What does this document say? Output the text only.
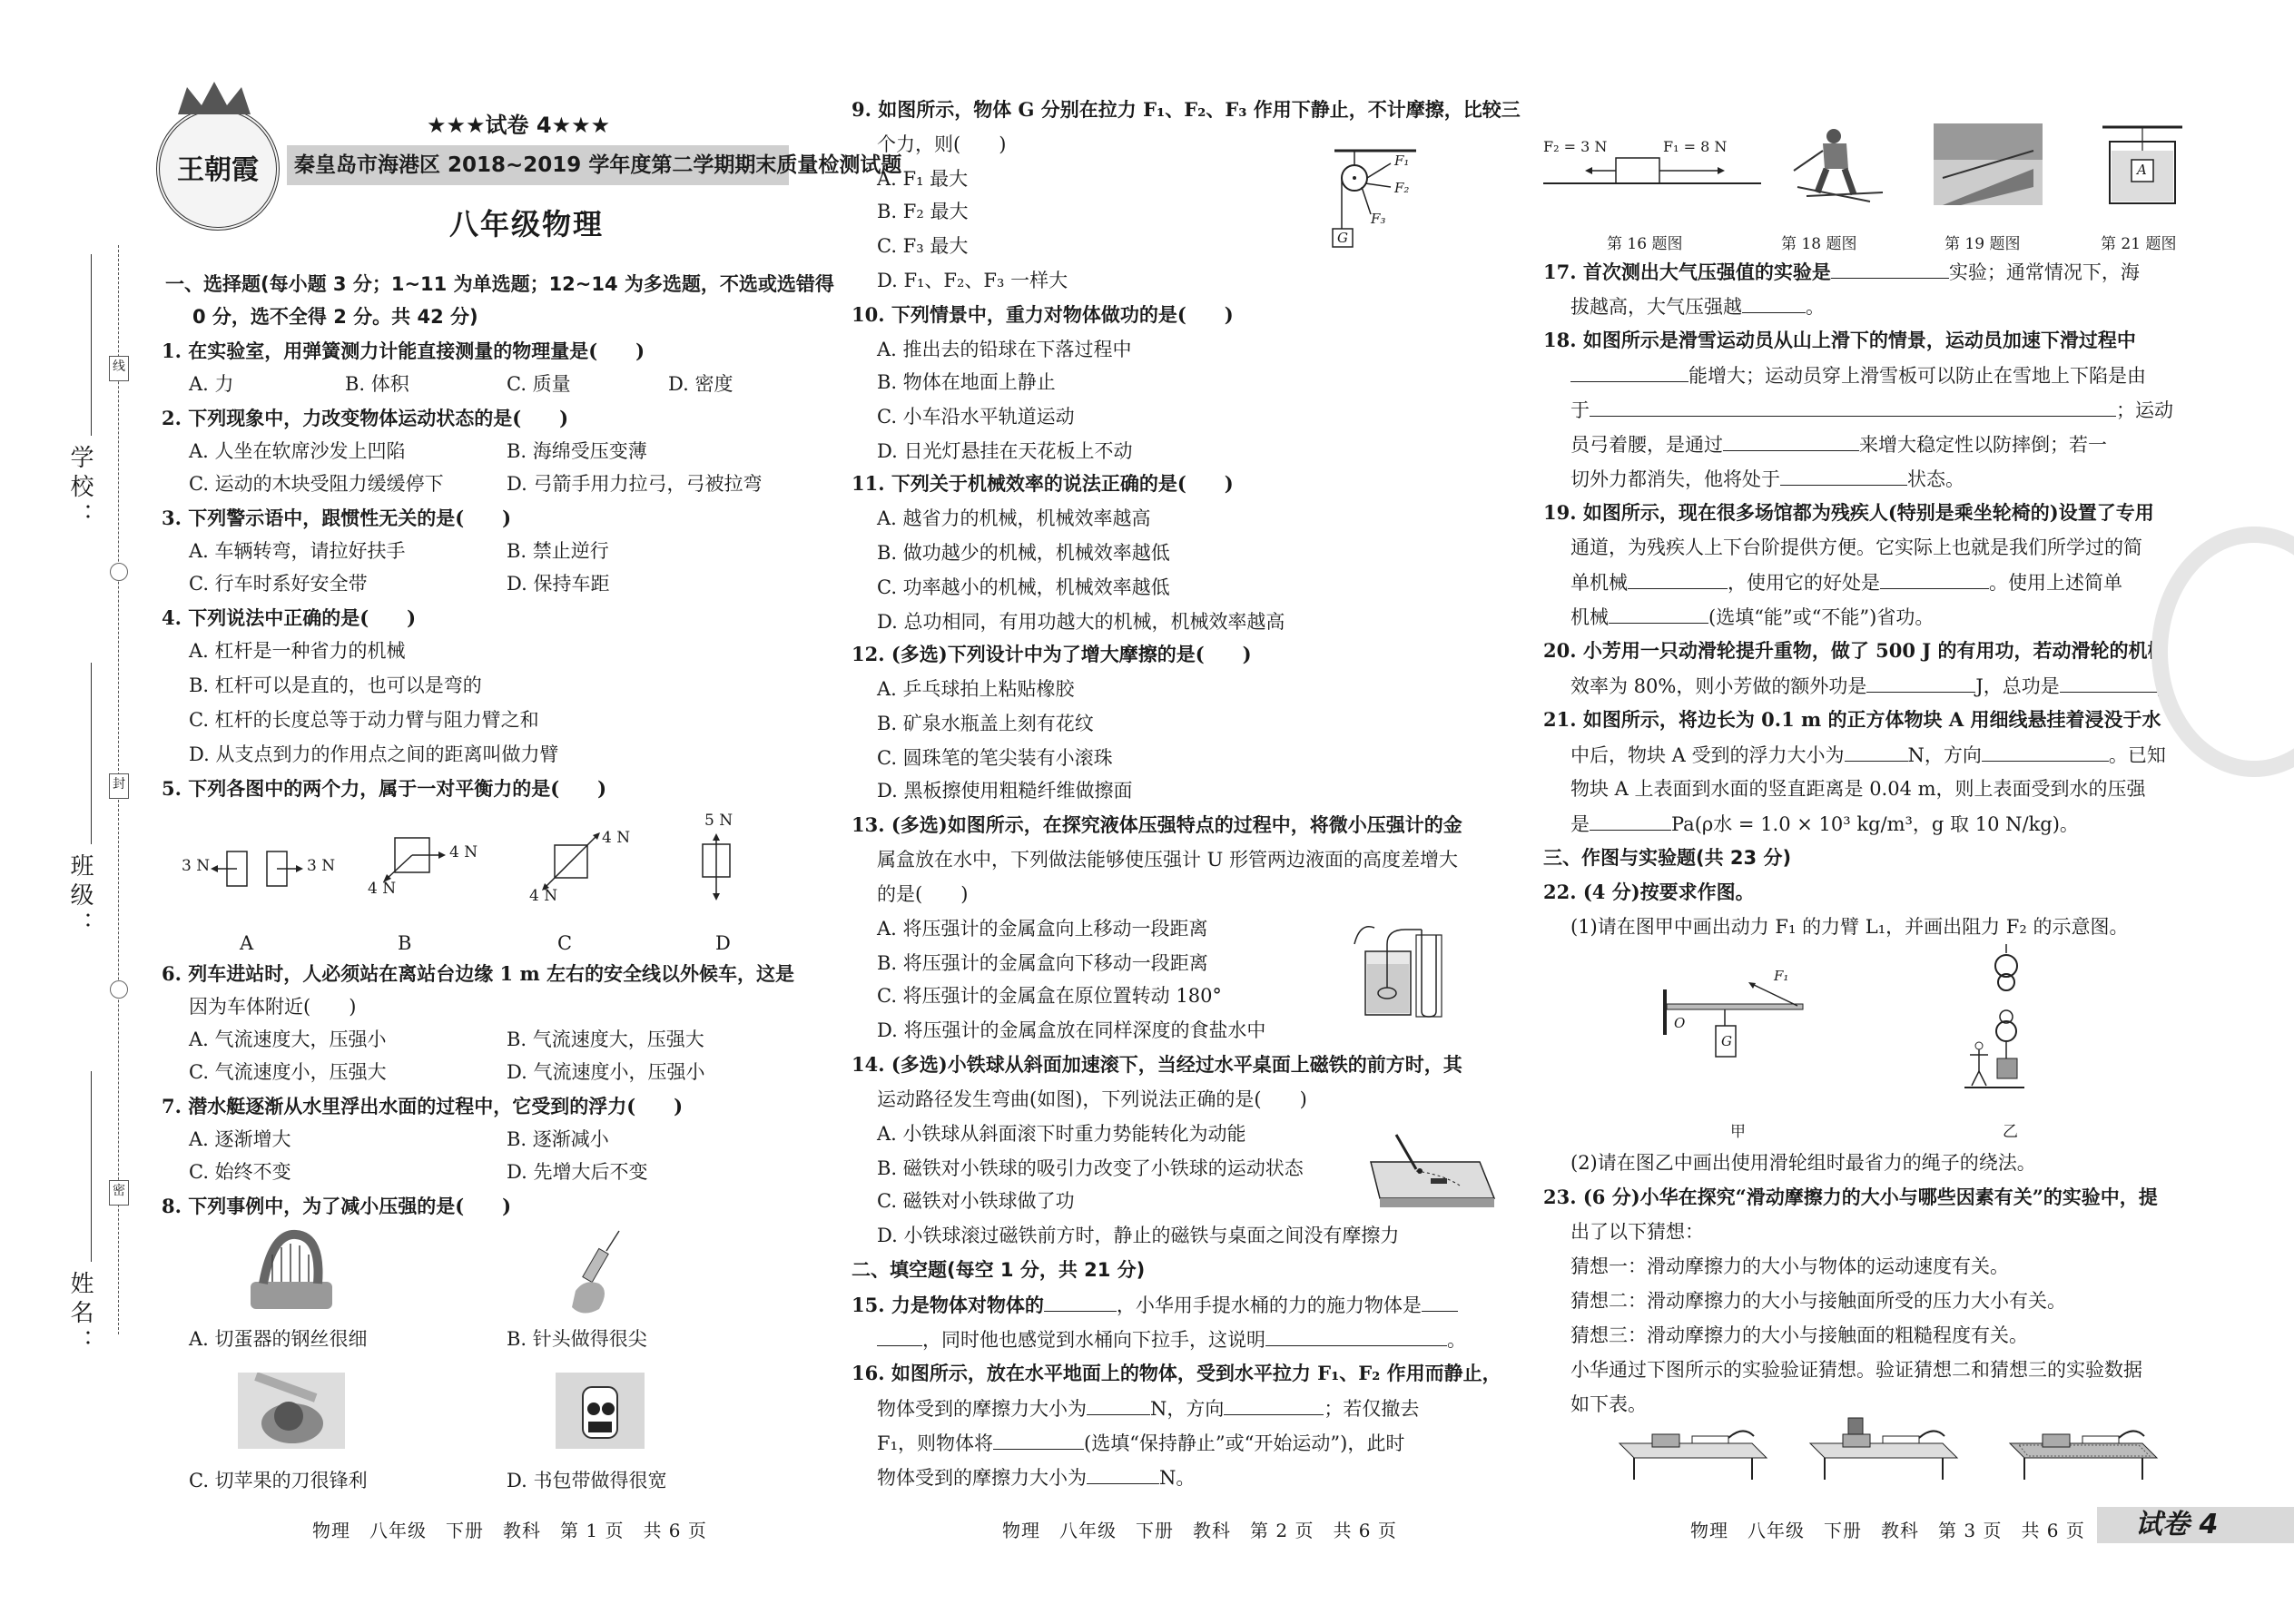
学校：
班级：
姓名：
线
封
密
王朝霞
★★★试卷 4★★★
秦皇岛市海港区 2018~2019 学年度第二学期期末质量检测试题
八年级物理
一、选择题(每小题 3 分；1~11 为单选题；12~14 为多选题，不选或选错得
0 分，选不全得 2 分。共 42 分)
1. 在实验室，用弹簧测力计能直接测量的物理量是(　　)
A. 力	B. 体积	C. 质量	D. 密度
2. 下列现象中，力改变物体运动状态的是(　　)
A. 人坐在软席沙发上凹陷	B. 海绵受压变薄
C. 运动的木块受阻力缓缓停下	D. 弓箭手用力拉弓，弓被拉弯
3. 下列警示语中，跟惯性无关的是(　　)
A. 车辆转弯，请拉好扶手	B. 禁止逆行
C. 行车时系好安全带	D. 保持车距
4. 下列说法中正确的是(　　)
A. 杠杆是一种省力的机械
B. 杠杆可以是直的，也可以是弯的
C. 杠杆的长度总等于动力臂与阻力臂之和
D. 从支点到力的作用点之间的距离叫做力臂
5. 下列各图中的两个力，属于一对平衡力的是(　　)
3 N	3 N
4 N
4 N
4 N
4 N
5 N
A	B	C	D
6. 列车进站时，人必须站在离站台边缘 1 m 左右的安全线以外候车，这是
因为车体附近(　　)
A. 气流速度大，压强小	B. 气流速度大，压强大
C. 气流速度小，压强大	D. 气流速度小，压强小
7. 潜水艇逐渐从水里浮出水面的过程中，它受到的浮力(　　)
A. 逐渐增大	B. 逐渐减小
C. 始终不变	D. 先增大后不变
8. 下列事例中，为了减小压强的是(　　)
A. 切蛋器的钢丝很细	B. 针头做得很尖
C. 切苹果的刀很锋利	D. 书包带做得很宽
物理　八年级　下册　教科　第 1 页　共 6 页
9. 如图所示，物体 G 分别在拉力 F₁、F₂、F₃ 作用下静止，不计摩擦，比较三
个力，则(　　)
A. F₁ 最大
B. F₂ 最大
C. F₃ 最大
D. F₁、F₂、F₃ 一样大
F₁
F₂
F₃
G
10. 下列情景中，重力对物体做功的是(　　)
A. 推出去的铅球在下落过程中
B. 物体在地面上静止
C. 小车沿水平轨道运动
D. 日光灯悬挂在天花板上不动
11. 下列关于机械效率的说法正确的是(　　)
A. 越省力的机械，机械效率越高
B. 做功越少的机械，机械效率越低
C. 功率越小的机械，机械效率越低
D. 总功相同，有用功越大的机械，机械效率越高
12. (多选)下列设计中为了增大摩擦的是(　　)
A. 乒乓球拍上粘贴橡胶
B. 矿泉水瓶盖上刻有花纹
C. 圆珠笔的笔尖装有小滚珠
D. 黑板擦使用粗糙纤维做擦面
13. (多选)如图所示，在探究液体压强特点的过程中，将微小压强计的金
属盒放在水中，下列做法能够使压强计 U 形管两边液面的高度差增大
的是(　　)
A. 将压强计的金属盒向上移动一段距离
B. 将压强计的金属盒向下移动一段距离
C. 将压强计的金属盒在原位置转动 180°
D. 将压强计的金属盒放在同样深度的食盐水中
14. (多选)小铁球从斜面加速滚下，当经过水平桌面上磁铁的前方时，其
运动路径发生弯曲(如图)，下列说法正确的是(　　)
A. 小铁球从斜面滚下时重力势能转化为动能
B. 磁铁对小铁球的吸引力改变了小铁球的运动状态
C. 磁铁对小铁球做了功
D. 小铁球滚过磁铁前方时，静止的磁铁与桌面之间没有摩擦力
二、填空题(每空 1 分，共 21 分)
15. 力是物体对物体的	，小华用手提水桶的力的施力物体是
，同时他也感觉到水桶向下拉手，这说明	。
16. 如图所示，放在水平地面上的物体，受到水平拉力 F₁、F₂ 作用而静止，
物体受到的摩擦力大小为	N，方向	；若仅撤去
F₁，则物体将	(选填“保持静止”或“开始运动”)，此时
物体受到的摩擦力大小为	N。
物理　八年级　下册　教科　第 2 页　共 6 页
F₂ = 3 N	F₁ = 8 N
A
第 16 题图	第 18 题图	第 19 题图	第 21 题图
17. 首次测出大气压强值的实验是	实验；通常情况下，海
拔越高，大气压强越	。
18. 如图所示是滑雪运动员从山上滑下的情景，运动员加速下滑过程中
能增大；运动员穿上滑雪板可以防止在雪地上下陷是由
于	；运动
员弓着腰，是通过	来增大稳定性以防摔倒；若一
切外力都消失，他将处于	状态。
19. 如图所示，现在很多场馆都为残疾人(特别是乘坐轮椅的)设置了专用
通道，为残疾人上下台阶提供方便。它实际上也就是我们所学过的简
单机械	，使用它的好处是	。使用上述简单
机械	(选填“能”或“不能”)省功。
20. 小芳用一只动滑轮提升重物，做了 500 J 的有用功，若动滑轮的机械
效率为 80%，则小芳做的额外功是	J，总功是	J。
21. 如图所示，将边长为 0.1 m 的正方体物块 A 用细线悬挂着浸没于水
中后，物块 A 受到的浮力大小为	N，方向	。已知
物块 A 上表面到水面的竖直距离是 0.04 m，则上表面受到水的压强
是	Pa(ρ水 = 1.0 × 10³ kg/m³，g 取 10 N/kg)。
三、作图与实验题(共 23 分)
22. (4 分)按要求作图。
(1)请在图甲中画出动力 F₁ 的力臂 L₁，并画出阻力 F₂ 的示意图。
F₁
O
G
甲	乙
(2)请在图乙中画出使用滑轮组时最省力的绳子的绕法。
23. (6 分)小华在探究“滑动摩擦力的大小与哪些因素有关”的实验中，提
出了以下猜想：
猜想一：滑动摩擦力的大小与物体的运动速度有关。
猜想二：滑动摩擦力的大小与接触面所受的压力大小有关。
猜想三：滑动摩擦力的大小与接触面的粗糙程度有关。
小华通过下图所示的实验验证猜想。验证猜想二和猜想三的实验数据
如下表。
物理　八年级　下册　教科　第 3 页　共 6 页 试卷 4
